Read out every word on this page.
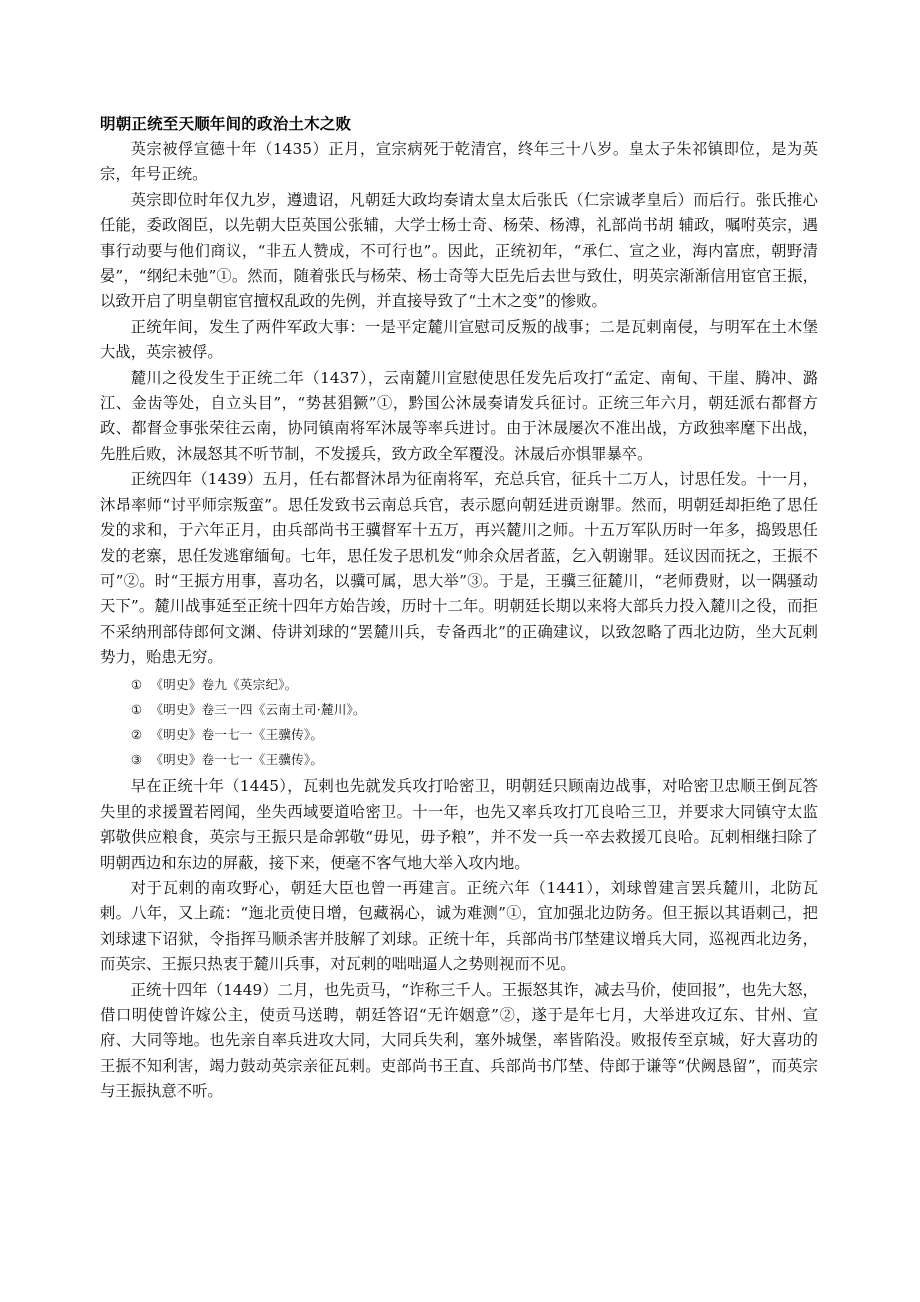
明朝正统至天顺年间的政治土木之败

英宗被俘宣德十年（1435）正月，宣宗病死于乾清宫，终年三十八岁。皇太子朱祁镇即位，是为英宗，年号正统。

英宗即位时年仅九岁，遵遗诏，凡朝廷大政均奏请太皇太后张氏（仁宗诚孝皇后）而后行。张氏推心任能，委政阁臣，以先朝大臣英国公张辅，大学士杨士奇、杨荣、杨溥，礼部尚书胡 辅政，嘱咐英宗，遇事行动要与他们商议，“非五人赞成，不可行也”。因此，正统初年，“承仁、宣之业，海内富庶，朝野清晏”，“纲纪未弛”①。然而，随着张氏与杨荣、杨士奇等大臣先后去世与致仕，明英宗渐渐信用宦官王振，以致开启了明皇朝宦官擅权乱政的先例，并直接导致了“土木之变”的惨败。

正统年间，发生了两件军政大事：一是平定麓川宣慰司反叛的战事；二是瓦剌南侵，与明军在土木堡大战，英宗被俘。

麓川之役发生于正统二年（1437），云南麓川宣慰使思任发先后攻打“孟定、南甸、干崖、腾冲、潞江、金齿等处，自立头目”，“势甚猖獗”①，黔国公沐晟奏请发兵征讨。正统三年六月，朝廷派右都督方政、都督佥事张荣往云南，协同镇南将军沐晟等率兵进讨。由于沐晟屡次不准出战，方政独率麾下出战，先胜后败，沐晟怒其不听节制，不发援兵，致方政全军覆没。沐晟后亦惧罪暴卒。

正统四年（1439）五月，任右都督沐昂为征南将军，充总兵官，征兵十二万人，讨思任发。十一月，沐昂率师“讨平师宗叛蛮”。思任发致书云南总兵官，表示愿向朝廷进贡谢罪。然而，明朝廷却拒绝了思任发的求和，于六年正月，由兵部尚书王骥督军十五万，再兴麓川之师。十五万军队历时一年多，捣毁思任发的老寨，思任发逃窜缅甸。七年，思任发子思机发“帅余众居者蓝，乞入朝谢罪。廷议因而抚之，王振不可”②。时“王振方用事，喜功名，以骥可属，思大举”③。于是，王骥三征麓川，“老师费财，以一隅骚动天下”。麓川战事延至正统十四年方始告竣，历时十二年。明朝廷长期以来将大部兵力投入麓川之役，而拒不采纳刑部侍郎何文渊、侍讲刘球的“罢麓川兵，专备西北”的正确建议，以致忽略了西北边防，坐大瓦剌势力，贻患无穷。

① 《明史》卷九《英宗纪》。
① 《明史》卷三一四《云南土司·麓川》。
② 《明史》卷一七一《王骥传》。
③ 《明史》卷一七一《王骥传》。

早在正统十年（1445），瓦剌也先就发兵攻打哈密卫，明朝廷只顾南边战事，对哈密卫忠顺王倒瓦答失里的求援置若罔闻，坐失西域要道哈密卫。十一年，也先又率兵攻打兀良哈三卫，并要求大同镇守太监郭敬供应粮食，英宗与王振只是命郭敬“毋见，毋予粮”，并不发一兵一卒去救援兀良哈。瓦剌相继扫除了明朝西边和东边的屏蔽，接下来，便毫不客气地大举入攻内地。

对于瓦剌的南攻野心，朝廷大臣也曾一再建言。正统六年（1441），刘球曾建言罢兵麓川，北防瓦剌。八年，又上疏：“迤北贡使日增，包藏祸心，诚为难测”①，宜加强北边防务。但王振以其语刺己，把刘球逮下诏狱，令指挥马顺杀害并肢解了刘球。正统十年，兵部尚书邝埜建议增兵大同，巡视西北边务，而英宗、王振只热衷于麓川兵事，对瓦剌的咄咄逼人之势则视而不见。

正统十四年（1449）二月，也先贡马，“诈称三千人。王振怒其诈，减去马价，使回报”，也先大怒，借口明使曾许嫁公主，使贡马送聘，朝廷答诏“无许姻意”②，遂于是年七月，大举进攻辽东、甘州、宣府、大同等地。也先亲自率兵进攻大同，大同兵失利，塞外城堡，率皆陷没。败报传至京城，好大喜功的王振不知利害，竭力鼓动英宗亲征瓦剌。吏部尚书王直、兵部尚书邝埜、侍郎于谦等“伏阙恳留”，而英宗与王振执意不听。
